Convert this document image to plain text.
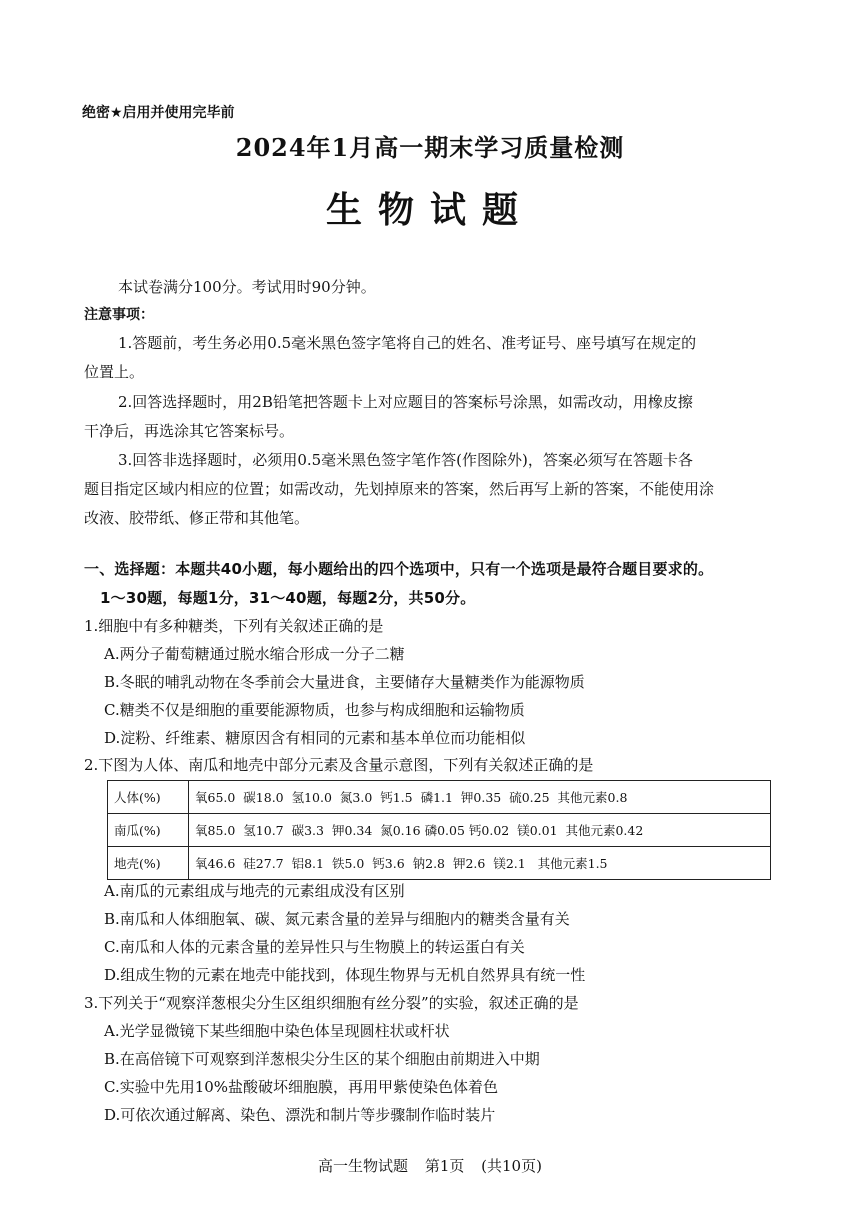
绝密★启用并使用完毕前
2024年1月高一期末学习质量检测
生物试题
本试卷满分100分。考试用时90分钟。
注意事项：
1.答题前，考生务必用0.5毫米黑色签字笔将自己的姓名、准考证号、座号填写在规定的
位置上。
2.回答选择题时，用2B铅笔把答题卡上对应题目的答案标号涂黑，如需改动，用橡皮擦
干净后，再选涂其它答案标号。
3.回答非选择题时，必须用0.5毫米黑色签字笔作答(作图除外)，答案必须写在答题卡各
题目指定区域内相应的位置；如需改动，先划掉原来的答案，然后再写上新的答案，不能使用涂
改液、胶带纸、修正带和其他笔。
一、选择题：本题共40小题，每小题给出的四个选项中，只有一个选项是最符合题目要求的。
1～30题，每题1分，31～40题，每题2分，共50分。
1.细胞中有多种糖类，下列有关叙述正确的是
A.两分子葡萄糖通过脱水缩合形成一分子二糖
B.冬眠的哺乳动物在冬季前会大量进食，主要储存大量糖类作为能源物质
C.糖类不仅是细胞的重要能源物质，也参与构成细胞和运输物质
D.淀粉、纤维素、糖原因含有相同的元素和基本单位而功能相似
2.下图为人体、南瓜和地壳中部分元素及含量示意图，下列有关叙述正确的是
人体(%)	氧65.0 碳18.0 氢10.0 氮3.0 钙1.5 磷1.1 钾0.35 硫0.25 其他元素0.8
南瓜(%)	氧85.0 氢10.7 碳3.3 钾0.34 氮0.16 磷0.05 钙0.02 镁0.01 其他元素0.42
地壳(%)	氧46.6 硅27.7 铝8.1 铁5.0 钙3.6 钠2.8 钾2.6 镁2.1 其他元素1.5
A.南瓜的元素组成与地壳的元素组成没有区别
B.南瓜和人体细胞氧、碳、氮元素含量的差异与细胞内的糖类含量有关
C.南瓜和人体的元素含量的差异性只与生物膜上的转运蛋白有关
D.组成生物的元素在地壳中能找到，体现生物界与无机自然界具有统一性
3.下列关于“观察洋葱根尖分生区组织细胞有丝分裂”的实验，叙述正确的是
A.光学显微镜下某些细胞中染色体呈现圆柱状或杆状
B.在高倍镜下可观察到洋葱根尖分生区的某个细胞由前期进入中期
C.实验中先用10%盐酸破坏细胞膜，再用甲紫使染色体着色
D.可依次通过解离、染色、漂洗和制片等步骤制作临时装片
高一生物试题 第1页 (共10页)
